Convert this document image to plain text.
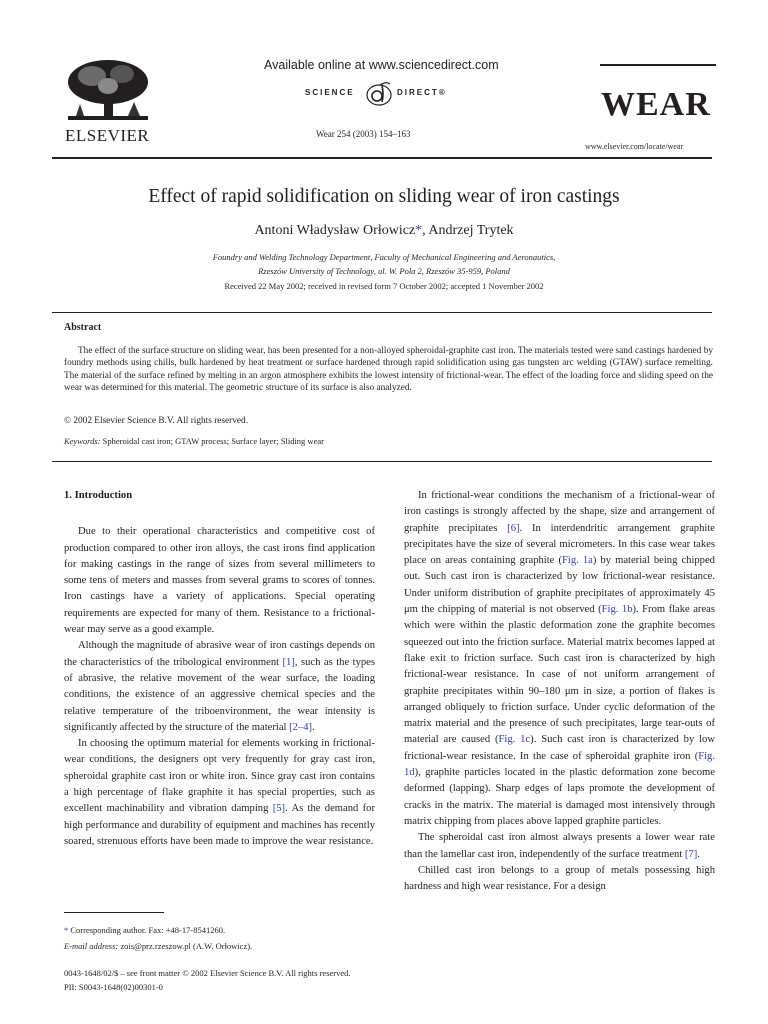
ELSEVIER
Available online at www.sciencedirect.com
SCIENCE	DIRECT®
Wear 254 (2003) 154–163
WEAR
www.elsevier.com/locate/wear
Effect of rapid solidification on sliding wear of iron castings
Antoni Władysław Orłowicz*, Andrzej Trytek
Foundry and Welding Technology Department, Faculty of Mechanical Engineering and Aeronautics,
Rzeszów University of Technology, ul. W. Pola 2, Rzeszów 35-959, Poland
Received 22 May 2002; received in revised form 7 October 2002; accepted 1 November 2002
Abstract

The effect of the surface structure on sliding wear, has been presented for a non-alloyed spheroidal-graphite cast iron. The materials tested were sand castings hardened by foundry methods using chills, bulk hardened by heat treatment or surface hardened through rapid solidification using gas tungsten arc welding (GTAW) surface remelting. The material of the surface refined by melting in an argon atmosphere exhibits the lowest intensity of frictional-wear. The effect of the loading force and sliding speed on the wear was determined for this material. The geometric structure of its surface is also analyzed.

© 2002 Elsevier Science B.V. All rights reserved.
Keywords: Spheroidal cast iron; GTAW process; Surface layer; Sliding wear

1. Introduction

Due to their operational characteristics and competitive cost of production compared to other iron alloys, the cast irons find application for making castings in the range of sizes from several millimeters to some tens of meters and masses from several grams to scores of tonnes. Iron castings have a variety of applications. Special operating requirements are expected for many of them. Resistance to a frictional-wear may serve as a good example.

Although the magnitude of abrasive wear of iron castings depends on the characteristics of the tribological environment [1], such as the types of abrasive, the relative movement of the wear surface, the loading conditions, the existence of an aggressive chemical species and the relative temperature of the triboenvironment, the wear intensity is significantly affected by the structure of the material [2–4].

In choosing the optimum material for elements working in frictional-wear conditions, the designers opt very frequently for gray cast iron, spheroidal graphite cast iron or white iron. Since gray cast iron contains a high percentage of flake graphite it has special properties, such as excellent machinability and vibration damping [5]. As the demand for high performance and durability of equipment and machines has recently soared, strenuous efforts have been made to improve the wear resistance.

In frictional-wear conditions the mechanism of a frictional-wear of iron castings is strongly affected by the shape, size and arrangement of graphite precipitates [6]. In interdendritic arrangement graphite precipitates have the size of several micrometers. In this case wear takes place on areas containing graphite (Fig. 1a) by material being chipped out. Such cast iron is characterized by low frictional-wear resistance. Under uniform distribution of graphite precipitates of approximately 45 μm the chipping of material is not observed (Fig. 1b). From flake areas which were within the plastic deformation zone the graphite becomes squeezed out into the friction surface. Material matrix becomes lapped at flake exit to friction surface. Such cast iron is characterized by high frictional-wear resistance. In case of not uniform arrangement of graphite precipitates within 90–180 μm in size, a portion of flakes is arranged obliquely to friction surface. Under cyclic deformation of the matrix material and the presence of such precipitates, large tear-outs of material are caused (Fig. 1c). Such cast iron is characterized by low frictional-wear resistance. In the case of spheroidal graphite iron (Fig. 1d), graphite particles located in the plastic deformation zone become deformed (lapping). Sharp edges of laps promote the development of cracks in the matrix. The material is damaged most intensively through matrix chipping from places above lapped graphite particles.

The spheroidal cast iron almost always presents a lower wear rate than the lamellar cast iron, independently of the surface treatment [7].

Chilled cast iron belongs to a group of metals possessing high hardness and high wear resistance. For a design

* Corresponding author. Fax: +48-17-8541260.
E-mail address: zois@prz.rzeszow.pl (A.W. Orłowicz).
0043-1648/02/$ – see front matter © 2002 Elsevier Science B.V. All rights reserved.
PII: S0043-1648(02)00301-0
